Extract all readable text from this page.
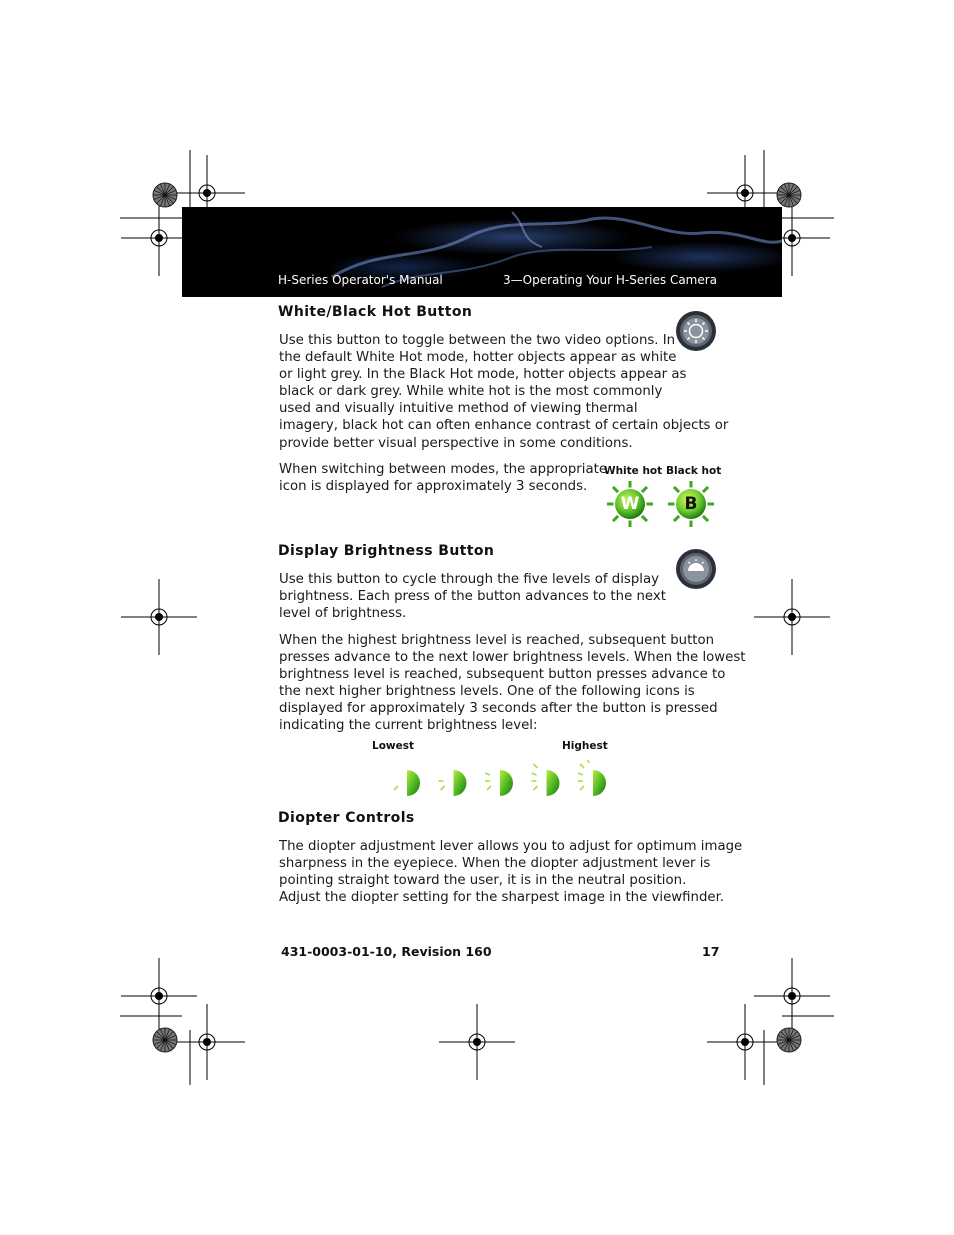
H-Series Operator's Manual	3—Operating Your H-Series Camera
White/Black Hot Button
Use this button to toggle between the two video options. In
the default White Hot mode, hotter objects appear as white
or light grey. In the Black Hot mode, hotter objects appear as
black or dark grey. While white hot is the most commonly
used and visually intuitive method of viewing thermal
imagery, black hot can often enhance contrast of certain objects or
provide better visual perspective in some conditions.
When switching between modes, the appropriate
icon is displayed for approximately 3 seconds.
White hot Black hot
W	B
Display Brightness Button
Use this button to cycle through the five levels of display
brightness. Each press of the button advances to the next
level of brightness.
When the highest brightness level is reached, subsequent button
presses advance to the next lower brightness levels. When the lowest
brightness level is reached, subsequent button presses advance to
the next higher brightness levels. One of the following icons is
displayed for approximately 3 seconds after the button is pressed
indicating the current brightness level:
Lowest	Highest
Diopter Controls
The diopter adjustment lever allows you to adjust for optimum image
sharpness in the eyepiece. When the diopter adjustment lever is
pointing straight toward the user, it is in the neutral position.
Adjust the diopter setting for the sharpest image in the viewfinder.
431-0003-01-10, Revision 160	17
